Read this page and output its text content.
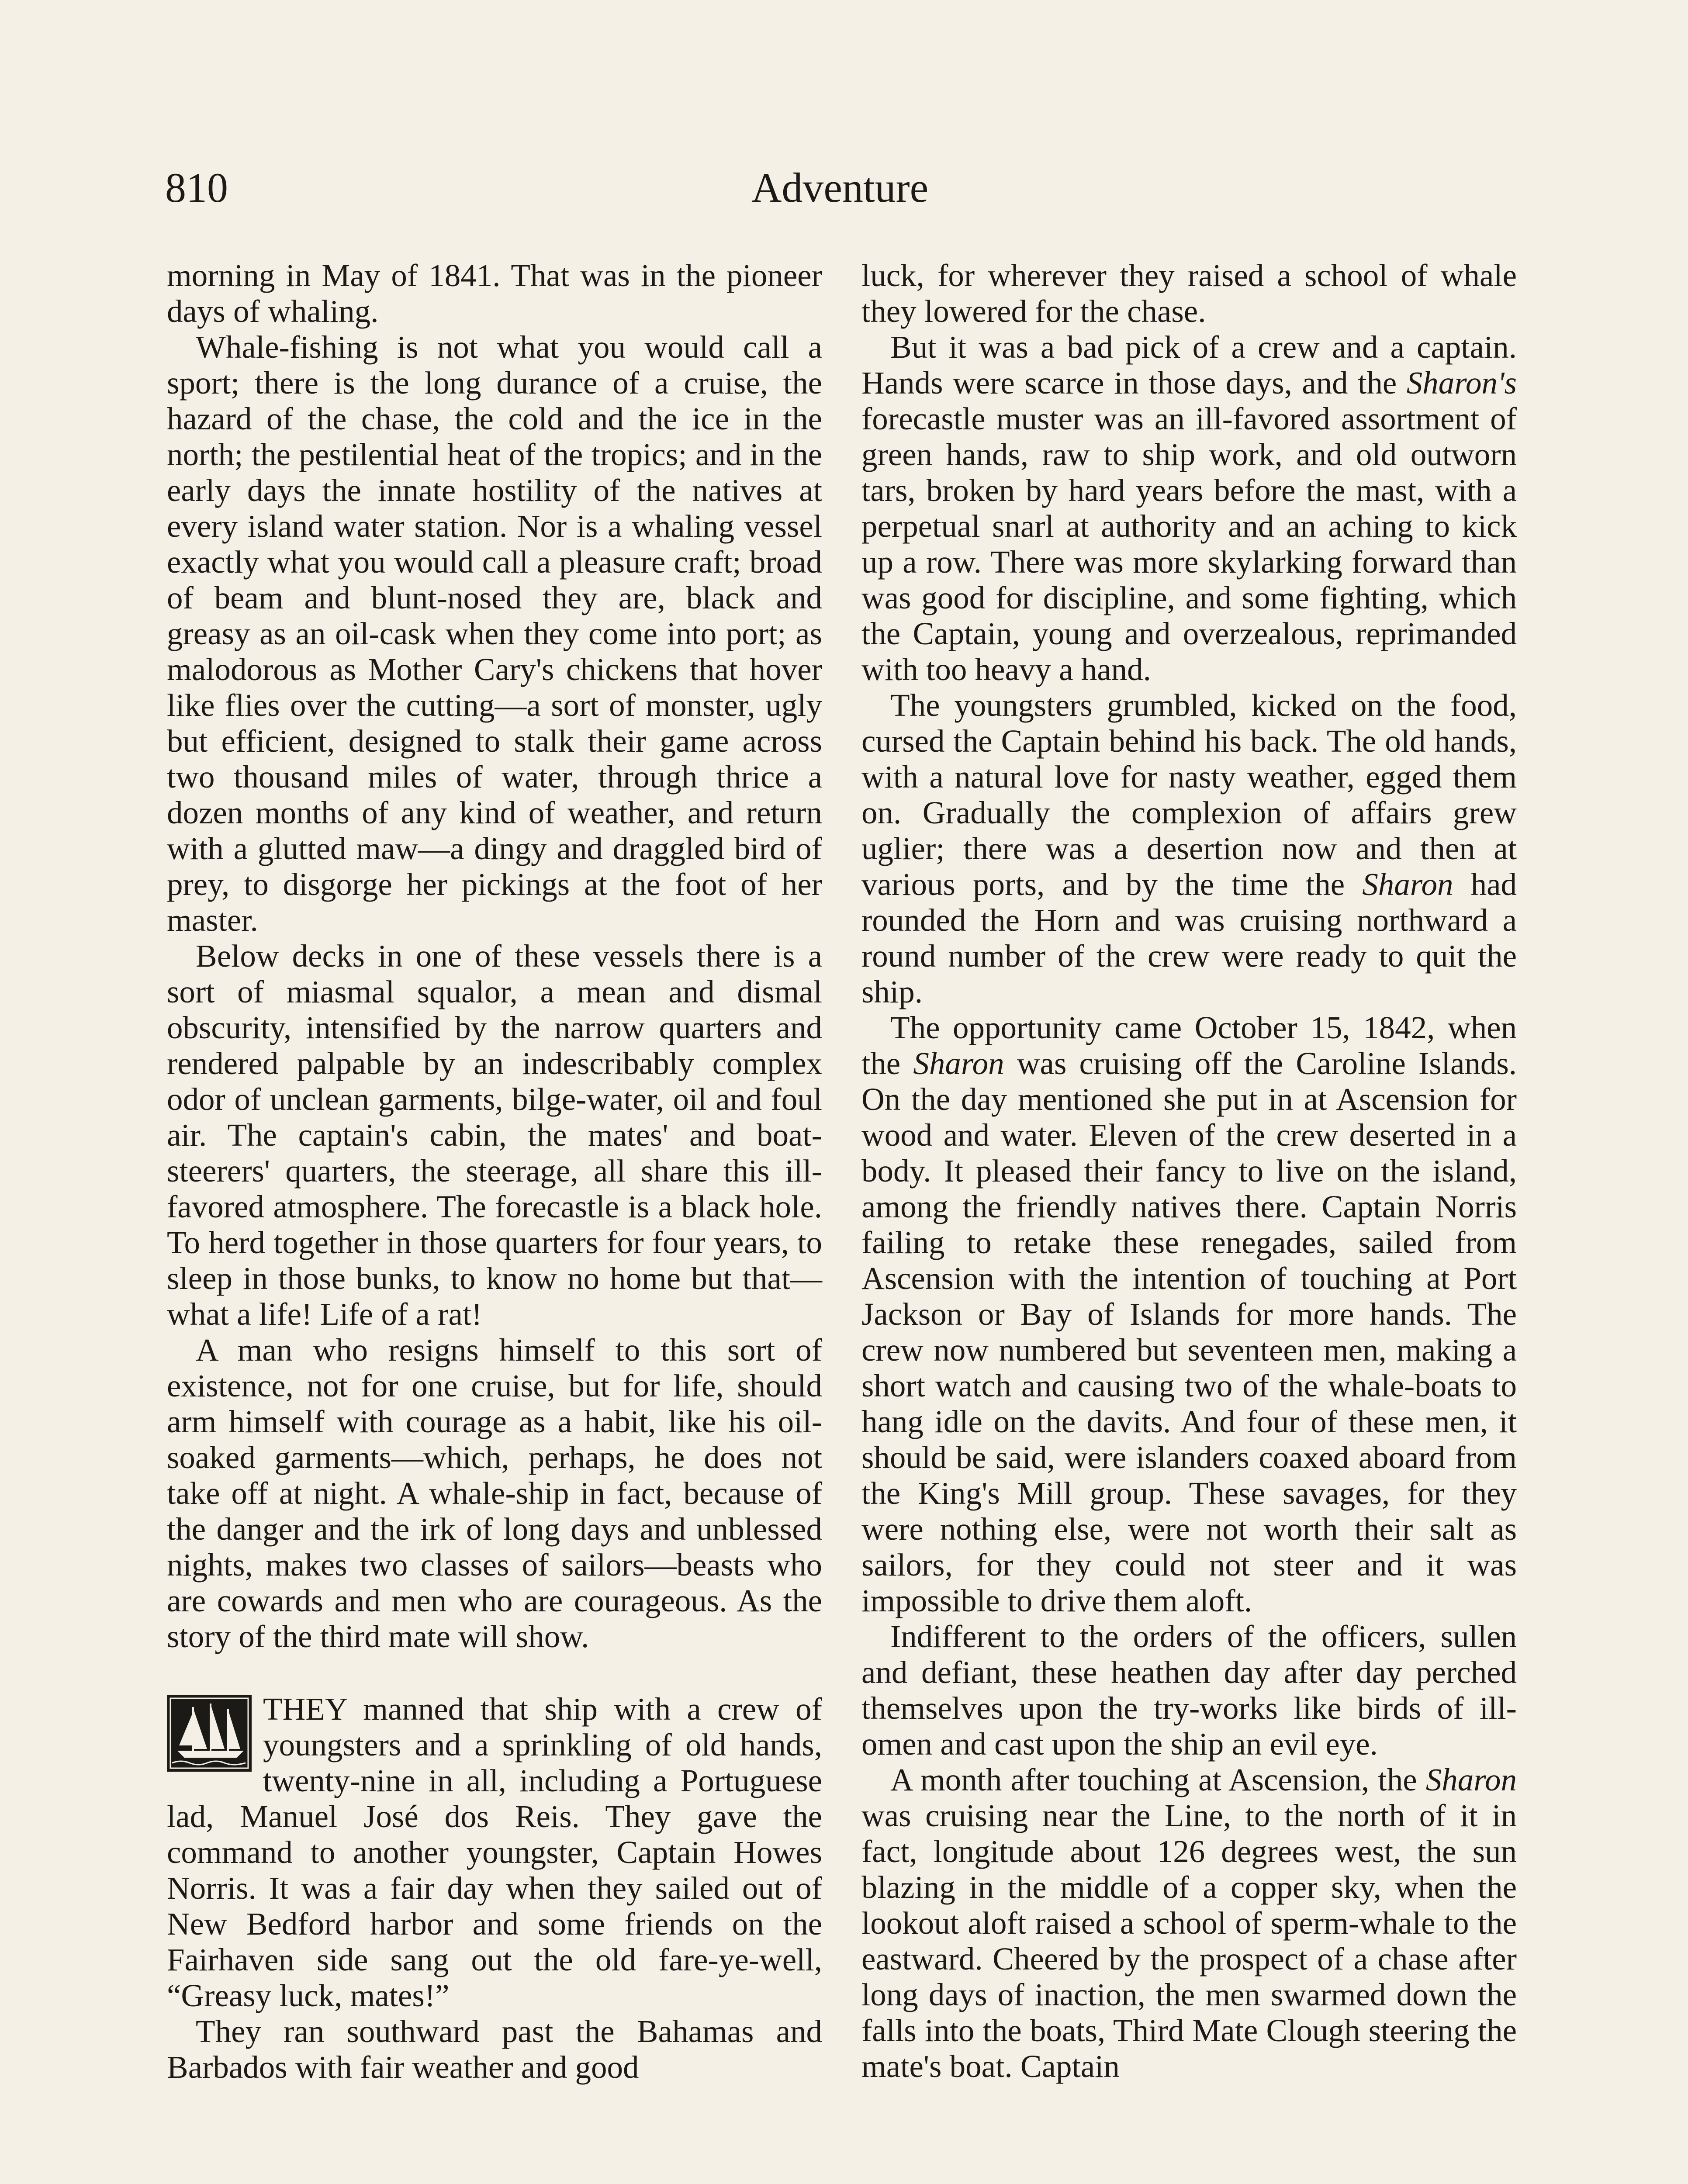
810	Adventure

morning in May of 1841. That was in the pioneer days of whaling.

Whale-fishing is not what you would call a sport; there is the long durance of a cruise, the hazard of the chase, the cold and the ice in the north; the pestilential heat of the tropics; and in the early days the innate hostility of the natives at every island water station. Nor is a whaling vessel exactly what you would call a pleasure craft; broad of beam and blunt-nosed they are, black and greasy as an oil-cask when they come into port; as malodorous as Mother Cary's chickens that hover like flies over the cutting—a sort of monster, ugly but efficient, designed to stalk their game across two thousand miles of water, through thrice a dozen months of any kind of weather, and return with a glutted maw—a dingy and draggled bird of prey, to disgorge her pickings at the foot of her master.

Below decks in one of these vessels there is a sort of miasmal squalor, a mean and dismal obscurity, intensified by the narrow quarters and rendered palpable by an indescribably complex odor of unclean garments, bilge-water, oil and foul air. The captain's cabin, the mates' and boat-steerers' quarters, the steerage, all share this ill-favored atmosphere. The forecastle is a black hole. To herd together in those quarters for four years, to sleep in those bunks, to know no home but that—what a life! Life of a rat!

A man who resigns himself to this sort of existence, not for one cruise, but for life, should arm himself with courage as a habit, like his oil-soaked garments—which, perhaps, he does not take off at night. A whale-ship in fact, because of the danger and the irk of long days and unblessed nights, makes two classes of sailors—beasts who are cowards and men who are courageous. As the story of the third mate will show.

THEY manned that ship with a crew of youngsters and a sprinkling of old hands, twenty-nine in all, including a Portuguese lad, Manuel José dos Reis. They gave the command to another youngster, Captain Howes Norris. It was a fair day when they sailed out of New Bedford harbor and some friends on the Fairhaven side sang out the old fare-ye-well, “Greasy luck, mates!”

They ran southward past the Bahamas and Barbados with fair weather and good

luck, for wherever they raised a school of whale they lowered for the chase.

But it was a bad pick of a crew and a captain. Hands were scarce in those days, and the Sharon's forecastle muster was an ill-favored assortment of green hands, raw to ship work, and old outworn tars, broken by hard years before the mast, with a perpetual snarl at authority and an aching to kick up a row. There was more skylarking forward than was good for discipline, and some fighting, which the Captain, young and overzealous, reprimanded with too heavy a hand.

The youngsters grumbled, kicked on the food, cursed the Captain behind his back. The old hands, with a natural love for nasty weather, egged them on. Gradually the complexion of affairs grew uglier; there was a desertion now and then at various ports, and by the time the Sharon had rounded the Horn and was cruising northward a round number of the crew were ready to quit the ship.

The opportunity came October 15, 1842, when the Sharon was cruising off the Caroline Islands. On the day mentioned she put in at Ascension for wood and water. Eleven of the crew deserted in a body. It pleased their fancy to live on the island, among the friendly natives there. Captain Norris failing to retake these renegades, sailed from Ascension with the intention of touching at Port Jackson or Bay of Islands for more hands. The crew now numbered but seventeen men, making a short watch and causing two of the whale-boats to hang idle on the davits. And four of these men, it should be said, were islanders coaxed aboard from the King's Mill group. These savages, for they were nothing else, were not worth their salt as sailors, for they could not steer and it was impossible to drive them aloft.

Indifferent to the orders of the officers, sullen and defiant, these heathen day after day perched themselves upon the try-works like birds of ill-omen and cast upon the ship an evil eye.

A month after touching at Ascension, the Sharon was cruising near the Line, to the north of it in fact, longitude about 126 degrees west, the sun blazing in the middle of a copper sky, when the lookout aloft raised a school of sperm-whale to the eastward. Cheered by the prospect of a chase after long days of inaction, the men swarmed down the falls into the boats, Third Mate Clough steering the mate's boat. Captain
